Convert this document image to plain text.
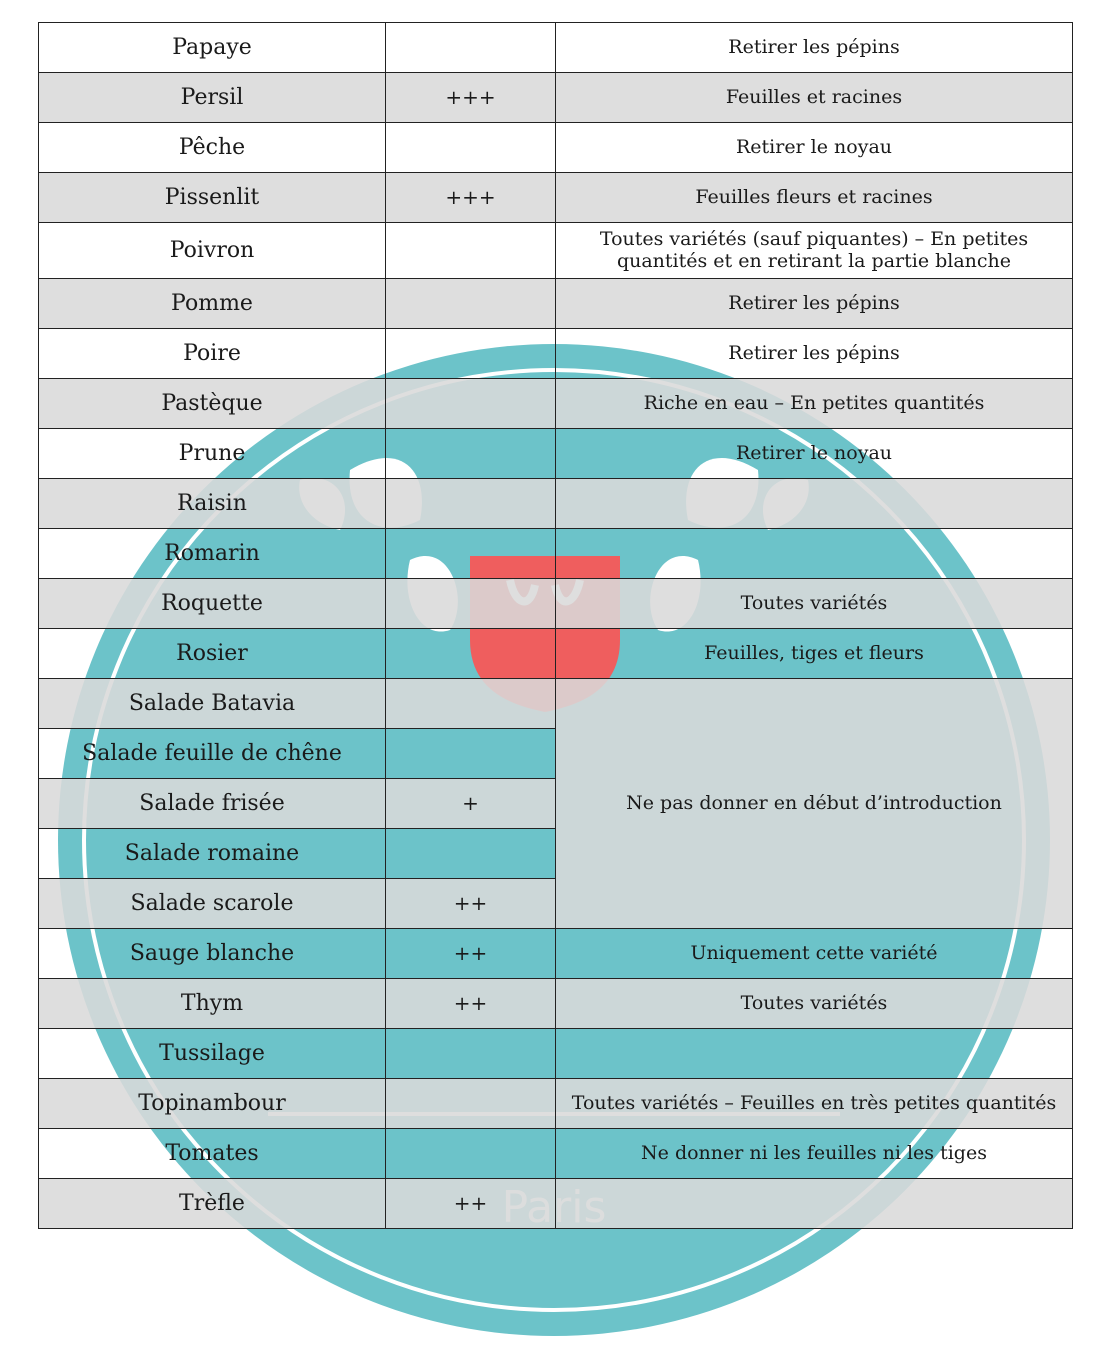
Papaye		Retirer les pépins
Persil	+++	Feuilles et racines
Pêche		Retirer le noyau
Pissenlit	+++	Feuilles fleurs et racines
Poivron		Toutes variétés (sauf piquantes) – En petites quantités et en retirant la partie blanche
Pomme		Retirer les pépins
Poire		Retirer les pépins
Pastèque		Riche en eau – En petites quantités
Prune		Retirer le noyau
Raisin		
Romarin		
Roquette		Toutes variétés
Rosier		Feuilles, tiges et fleurs
Salade Batavia		Ne pas donner en début d’introduction
Salade feuille de chêne		
Salade frisée	+	
Salade romaine		
Salade scarole	++	
Sauge blanche	++	Uniquement cette variété
Thym	++	Toutes variétés
Tussilage		
Topinambour		Toutes variétés – Feuilles en très petites quantités
Tomates		Ne donner ni les feuilles ni les tiges
Trèfle	++	
